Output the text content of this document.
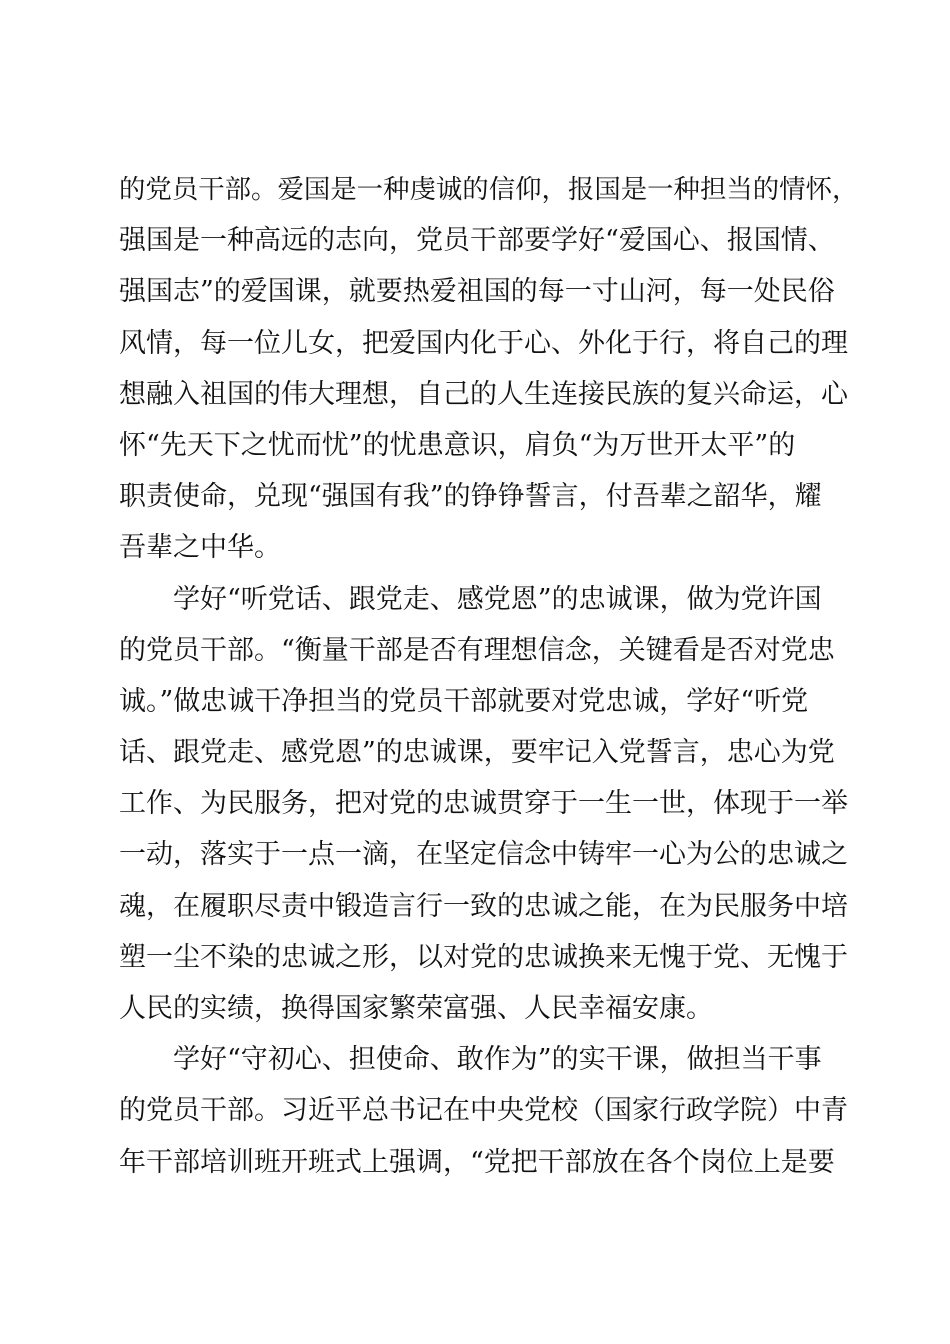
的党员干部。爱国是一种虔诚的信仰，报国是一种担当的情怀，
强国是一种高远的志向，党员干部要学好“爱国心、报国情、
强国志”的爱国课，就要热爱祖国的每一寸山河，每一处民俗
风情，每一位儿女，把爱国内化于心、外化于行，将自己的理
想融入祖国的伟大理想，自己的人生连接民族的复兴命运，心
怀“先天下之忧而忧”的忧患意识，肩负“为万世开太平”的
职责使命，兑现“强国有我”的铮铮誓言，付吾辈之韶华，耀
吾辈之中华。
学好“听党话、跟党走、感党恩”的忠诚课，做为党许国
的党员干部。“衡量干部是否有理想信念，关键看是否对党忠
诚。”做忠诚干净担当的党员干部就要对党忠诚，学好“听党
话、跟党走、感党恩”的忠诚课，要牢记入党誓言，忠心为党
工作、为民服务，把对党的忠诚贯穿于一生一世，体现于一举
一动，落实于一点一滴，在坚定信念中铸牢一心为公的忠诚之
魂，在履职尽责中锻造言行一致的忠诚之能，在为民服务中培
塑一尘不染的忠诚之形，以对党的忠诚换来无愧于党、无愧于
人民的实绩，换得国家繁荣富强、人民幸福安康。
学好“守初心、担使命、敢作为”的实干课，做担当干事
的党员干部。习近平总书记在中央党校（国家行政学院）中青
年干部培训班开班式上强调，“党把干部放在各个岗位上是要
